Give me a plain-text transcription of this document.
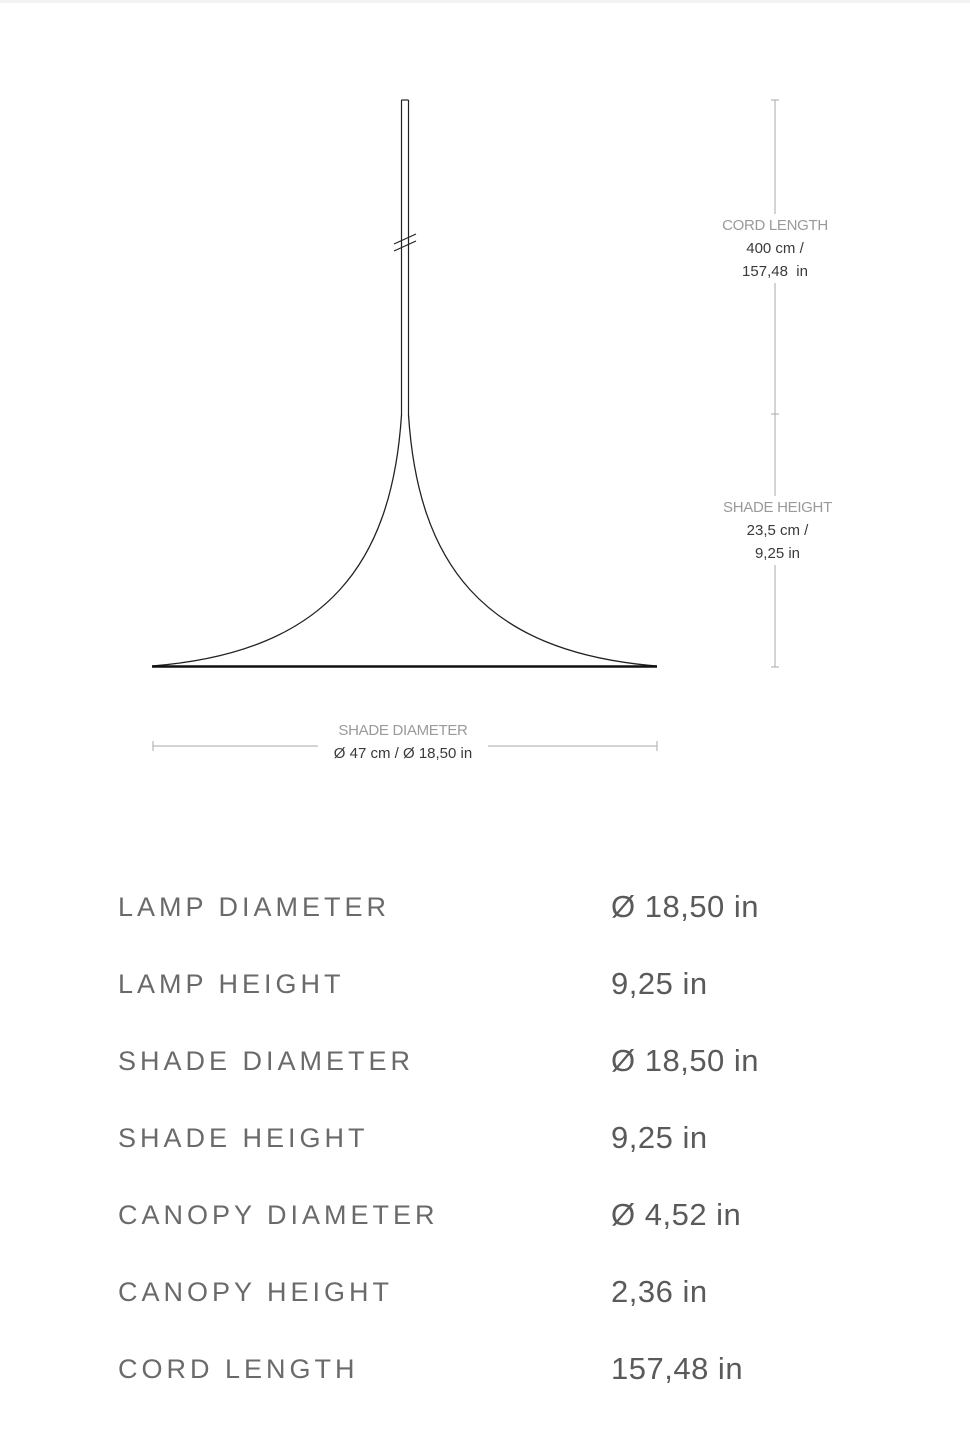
CORD LENGTH
400 cm /
157,48  in
SHADE HEIGHT
23,5 cm /
9,25 in
SHADE DIAMETER
Ø 47 cm / Ø 18,50 in
LAMP DIAMETER	Ø 18,50 in
LAMP HEIGHT	9,25 in
SHADE DIAMETER	Ø 18,50 in
SHADE HEIGHT	9,25 in
CANOPY DIAMETER	Ø 4,52 in
CANOPY HEIGHT	2,36 in
CORD LENGTH	157,48 in
